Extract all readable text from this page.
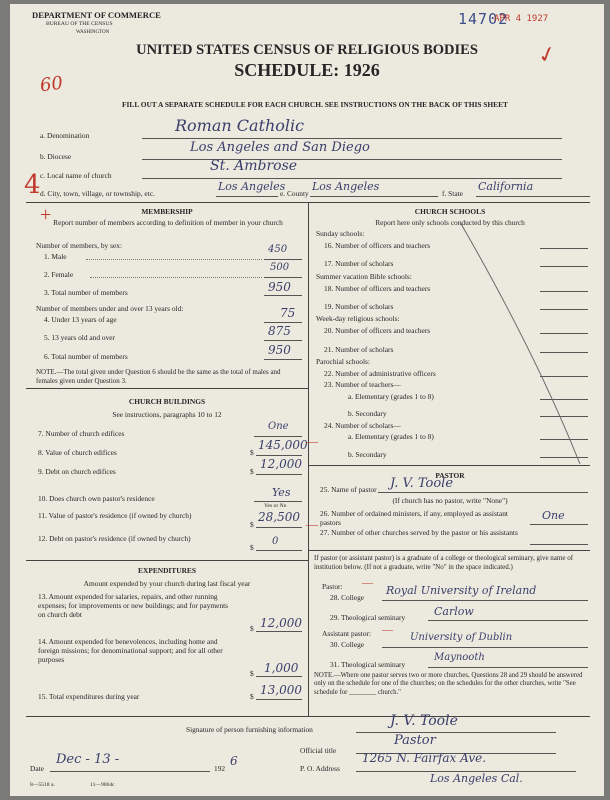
DEPARTMENT OF COMMERCE
BUREAU OF THE CENSUS
WASHINGTON
14702
APR 4 1927
✓
UNITED STATES CENSUS OF RELIGIOUS BODIES
SCHEDULE: 1926
60
FILL OUT A SEPARATE SCHEDULE FOR EACH CHURCH. SEE INSTRUCTIONS ON THE BACK OF THIS SHEET
a. Denomination
Roman Catholic
b. Diocese
Los Angeles and San Diego
c. Local name of church
St. Ambrose
d. City, town, village, or township, etc.
Los Angeles
e. County
Los Angeles
f. State
California
4
+	MEMBERSHIP
Report number of members according to definition of member in your church
Number of members, by sex:
1. Male
450
2. Female
500
3. Total number of members	950
Number of members under and over 13 years old:
4. Under 13 years of age	75
5. 13 years old and over	875
6. Total number of members	950
NOTE.—The total given under Question 6 should be the same as the total of males and females given under Question 3.
CHURCH BUILDINGS
See instructions, paragraphs 10 to 12
7. Number of church edifices
One
8. Value of church edifices	$
145,000
9. Debt on church edifices	$
12,000
10. Does church own pastor's residence	Yes
Yes or No
11. Value of pastor's residence (if owned by church)
$
28,500
12. Debt on pastor's residence (if owned by church)
$
0
EXPENDITURES
Amount expended by your church during last fiscal year
13. Amount expended for salaries, repairs, and other running expenses; for improvements or new buildings; and for payments on church debt
$ 12,000
14. Amount expended for benevolences, including home and foreign missions; for denominational support; and for all other purposes
$ 1,000
15. Total expenditures during year	$ 13,000
CHURCH SCHOOLS
Report here only schools conducted by this church
Sunday schools:
16. Number of officers and teachers
17. Number of scholars
Summer vacation Bible schools:
18. Number of officers and teachers
19. Number of scholars
Week-day religious schools:
20. Number of officers and teachers
21. Number of scholars
Parochial schools:
22. Number of administrative officers
23. Number of teachers—
a. Elementary (grades 1 to 8)
b. Secondary
24. Number of scholars—
a. Elementary (grades 1 to 8)
b. Secondary
PASTOR
25. Name of pastor J. V. Toole
(If church has no pastor, write "None")
26. Number of ordained ministers, if any, employed as assistant pastors
One
27. Number of other churches served by the pastor or his assistants
If pastor (or assistant pastor) is a graduate of a college or theological seminary, give name of institution below. (If not a graduate, write "No" in the space indicated.)
Pastor:
28. College
Royal University of Ireland
29. Theological seminary	Carlow
Assistant pastor:
30. College
University of Dublin
31. Theological seminary
Maynooth
NOTE.—Where one pastor serves two or more churches, Questions 28 and 29 should be answered only on the schedule for one of the churches; on the schedules for the other churches, write "See schedule for ________ church."
Signature of person furnishing information
J. V. Toole
Official title
Pastor
Date
Dec - 13 -
192
6
P. O. Address
1265 N. Fairfax Ave.
Los Angeles Cal.
8—5518 a.	11—9064c
—
—
—
—
